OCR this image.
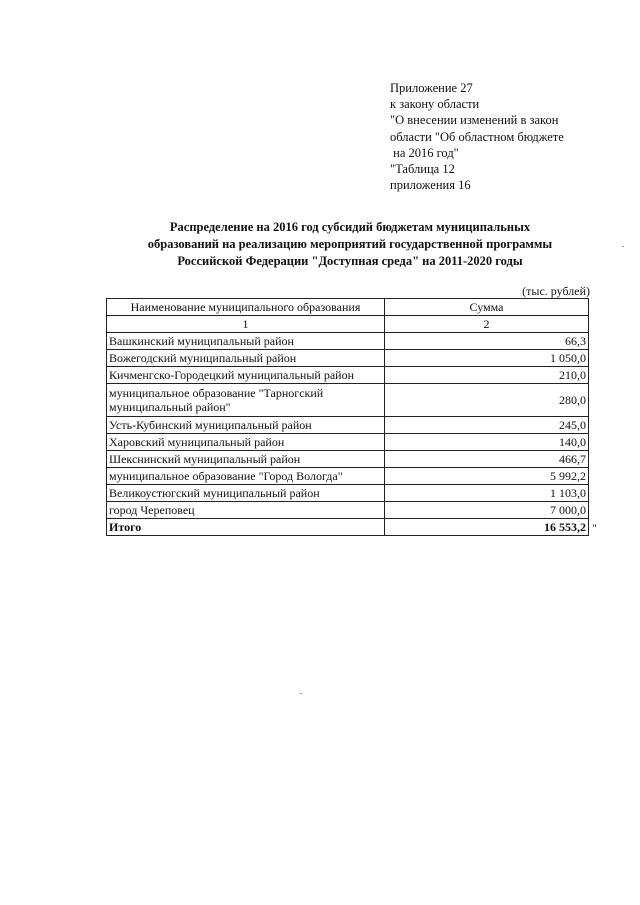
Приложение 27
к закону области
"О внесении изменений в закон
области "Об областном бюджете
на 2016 год"
"Таблица 12
приложения 16
Распределение на 2016 год субсидий бюджетам муниципальных
образований на реализацию мероприятий государственной программы
Российской Федерации "Доступная среда" на 2011-2020 годы
(тыс. рублей)
Наименование муниципального образования	Сумма
1	2
Вашкинский муниципальный район	66,3
Вожегодский муниципальный район	1 050,0
Кичменгско-Городецкий муниципальный район	210,0
муниципальное образование "Тарногский муниципальный район"	280,0
Усть-Кубинский муниципальный район	245,0
Харовский муниципальный район	140,0
Шекснинский муниципальный район	466,7
муниципальное образование "Город Вологда"	5 992,2
Великоустюгский муниципальный район	1 103,0
город Череповец	7 000,0
Итого	16 553,2 "
